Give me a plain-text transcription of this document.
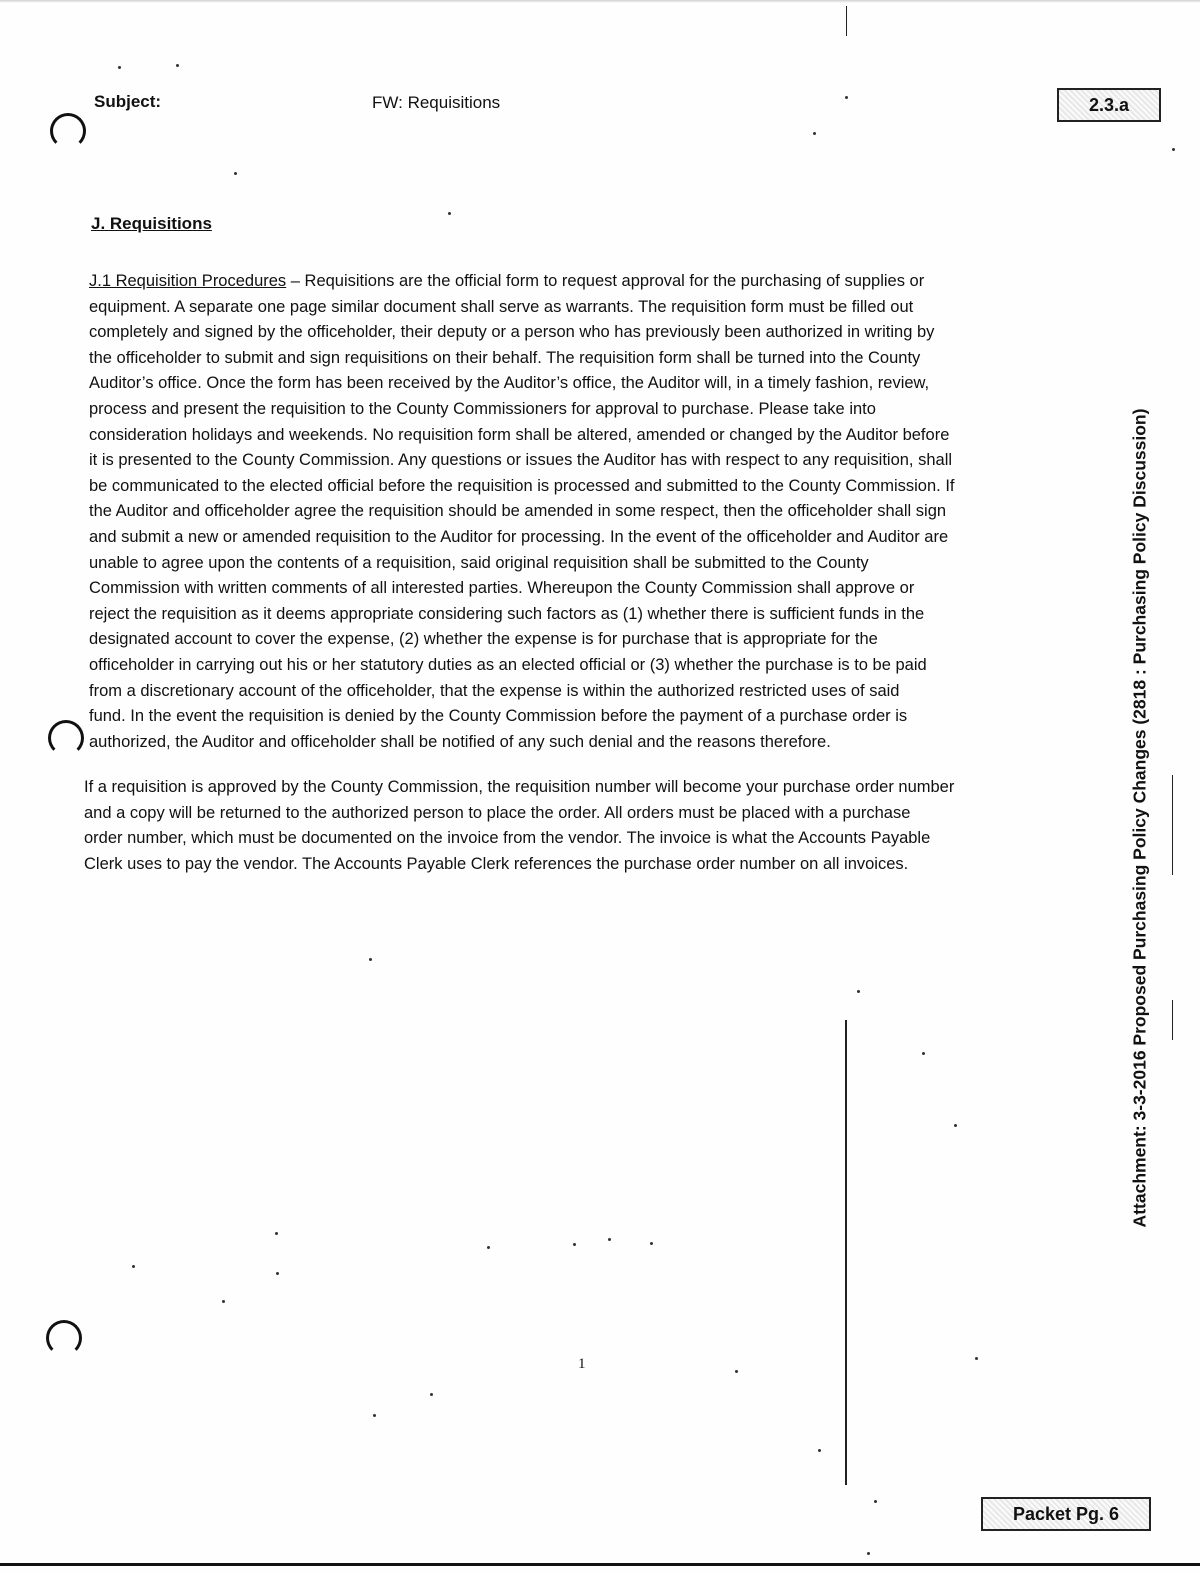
Subject:	FW: Requisitions	2.3.a
J. Requisitions
J.1 Requisition Procedures – Requisitions are the official form to request approval for the purchasing of supplies or
equipment. A separate one page similar document shall serve as warrants. The requisition form must be filled out
completely and signed by the officeholder, their deputy or a person who has previously been authorized in writing by
the officeholder to submit and sign requisitions on their behalf. The requisition form shall be turned into the County
Auditor’s office. Once the form has been received by the Auditor’s office, the Auditor will, in a timely fashion, review,
process and present the requisition to the County Commissioners for approval to purchase. Please take into
consideration holidays and weekends. No requisition form shall be altered, amended or changed by the Auditor before
it is presented to the County Commission. Any questions or issues the Auditor has with respect to any requisition, shall
be communicated to the elected official before the requisition is processed and submitted to the County Commission. If
the Auditor and officeholder agree the requisition should be amended in some respect, then the officeholder shall sign
and submit a new or amended requisition to the Auditor for processing. In the event of the officeholder and Auditor are
unable to agree upon the contents of a requisition, said original requisition shall be submitted to the County
Commission with written comments of all interested parties. Whereupon the County Commission shall approve or
reject the requisition as it deems appropriate considering such factors as (1) whether there is sufficient funds in the
designated account to cover the expense, (2) whether the expense is for purchase that is appropriate for the
officeholder in carrying out his or her statutory duties as an elected official or (3) whether the purchase is to be paid
from a discretionary account of the officeholder, that the expense is within the authorized restricted uses of said
fund. In the event the requisition is denied by the County Commission before the payment of a purchase order is
authorized, the Auditor and officeholder shall be notified of any such denial and the reasons therefore.
If a requisition is approved by the County Commission, the requisition number will become your purchase order number
and a copy will be returned to the authorized person to place the order. All orders must be placed with a purchase
order number, which must be documented on the invoice from the vendor. The invoice is what the Accounts Payable
Clerk uses to pay the vendor. The Accounts Payable Clerk references the purchase order number on all invoices.
1
Packet Pg. 6
Attachment: 3-3-2016 Proposed Purchasing Policy Changes (2818 : Purchasing Policy Discussion)
